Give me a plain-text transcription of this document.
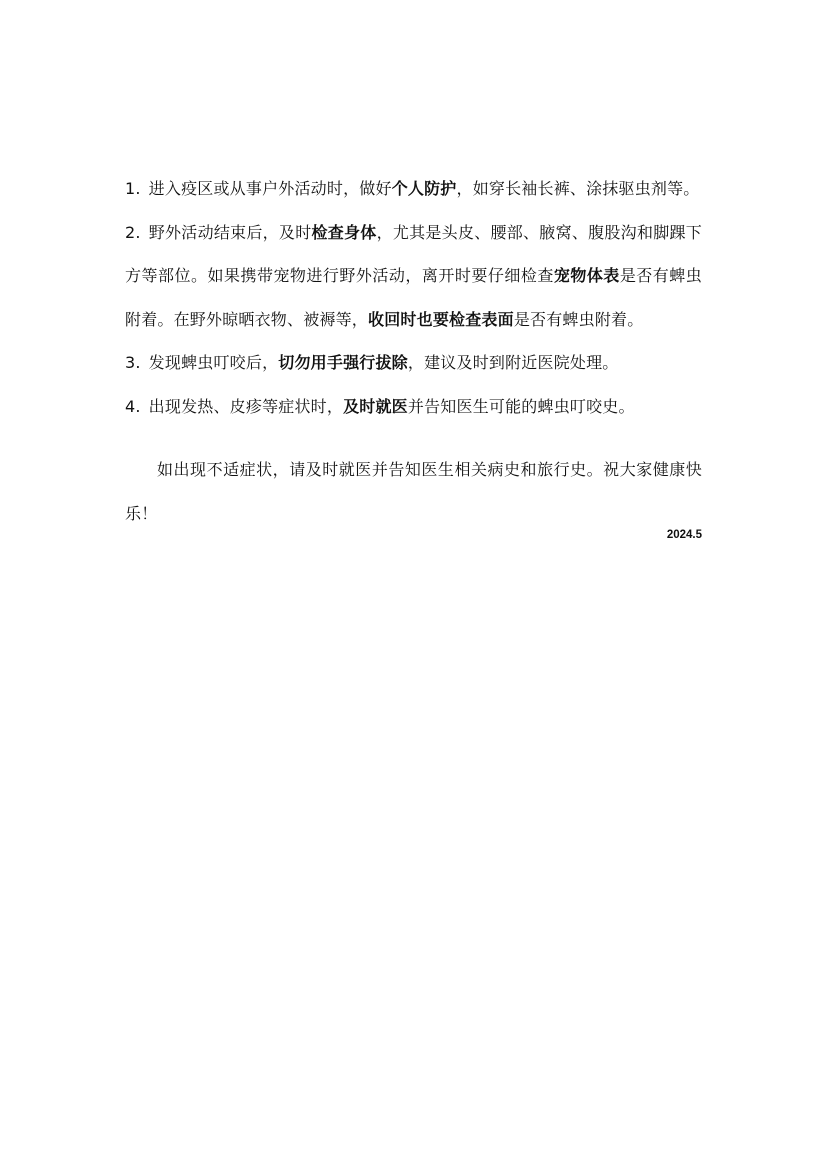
1. 进入疫区或从事户外活动时，做好个人防护，如穿长袖长裤、涂抹驱虫剂等。

2. 野外活动结束后，及时检查身体，尤其是头皮、腰部、腋窝、腹股沟和脚踝下方等部位。如果携带宠物进行野外活动，离开时要仔细检查宠物体表是否有蜱虫附着。在野外晾晒衣物、被褥等，收回时也要检查表面是否有蜱虫附着。

3. 发现蜱虫叮咬后，切勿用手强行拔除，建议及时到附近医院处理。

4. 出现发热、皮疹等症状时，及时就医并告知医生可能的蜱虫叮咬史。

如出现不适症状，请及时就医并告知医生相关病史和旅行史。祝大家健康快乐！

2024.5
